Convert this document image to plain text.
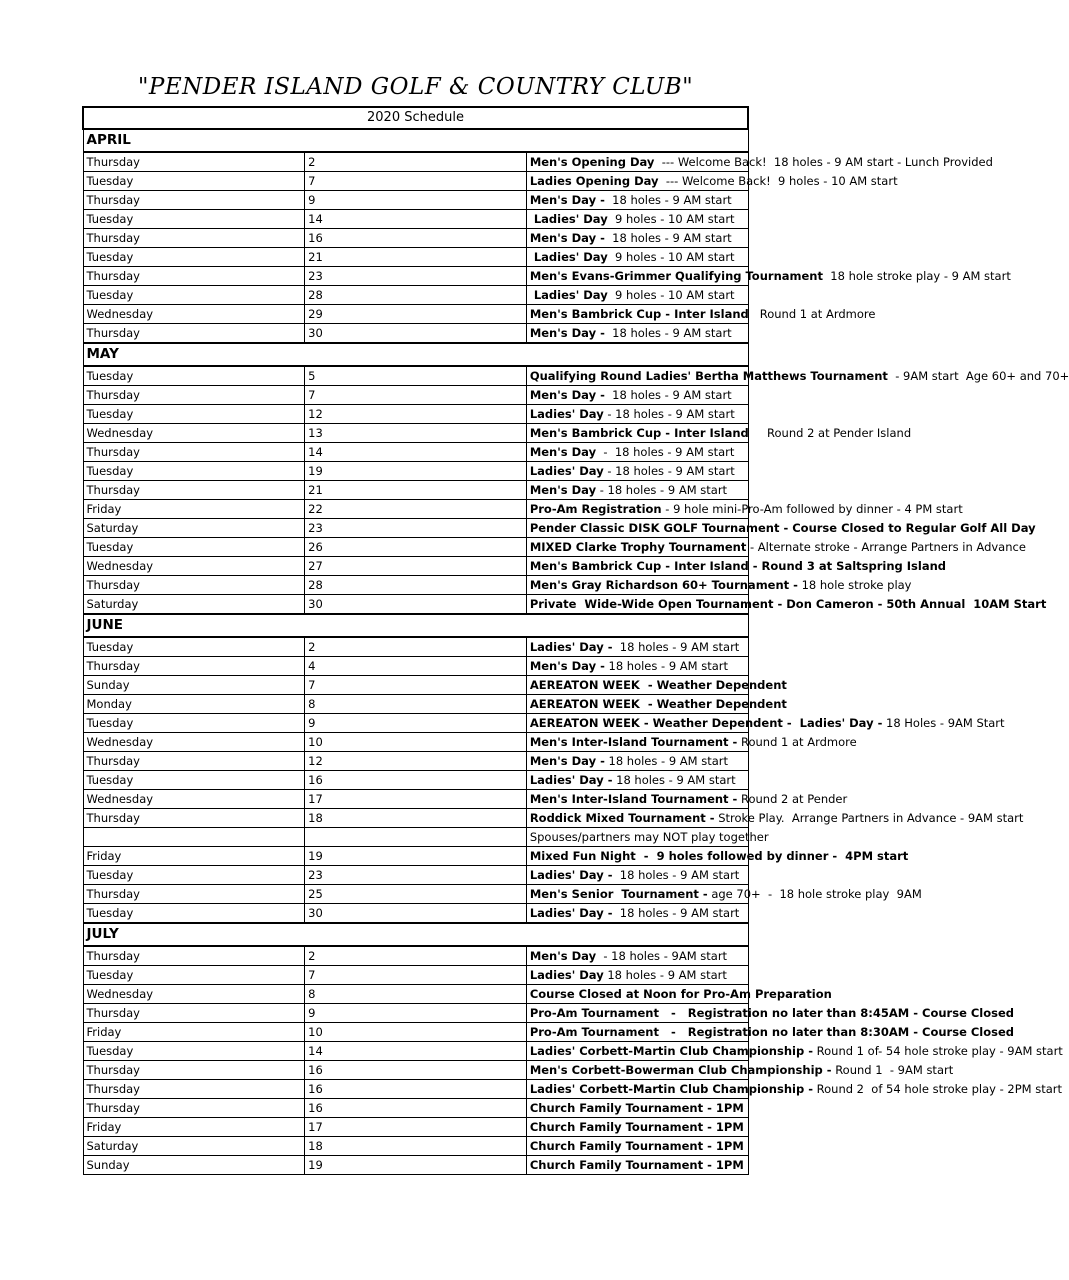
"PENDER ISLAND GOLF & COUNTRY CLUB"
2020 Schedule		
APRIL		
Thursday	2	Men's Opening Day  --- Welcome Back!  18 holes - 9 AM start - Lunch Provided
Tuesday	7	Ladies Opening Day  --- Welcome Back!  9 holes - 10 AM start
Thursday	9	Men's Day -  18 holes - 9 AM start
Tuesday	14	Ladies' Day  9 holes - 10 AM start
Thursday	16	Men's Day -  18 holes - 9 AM start
Tuesday	21	Ladies' Day  9 holes - 10 AM start
Thursday	23	Men's Evans-Grimmer Qualifying Tournament  18 hole stroke play - 9 AM start
Tuesday	28	Ladies' Day  9 holes - 10 AM start
Wednesday	29	Men's Bambrick Cup - Inter Island   Round 1 at Ardmore
Thursday	30	Men's Day -  18 holes - 9 AM start
MAY		
Tuesday	5	Qualifying Round Ladies' Bertha Matthews Tournament  - 9AM start  Age 60+ and 70+
Thursday	7	Men's Day -  18 holes - 9 AM start
Tuesday	12	Ladies' Day - 18 holes - 9 AM start
Wednesday	13	Men's Bambrick Cup - Inter Island     Round 2 at Pender Island
Thursday	14	Men's Day  -  18 holes - 9 AM start
Tuesday	19	Ladies' Day - 18 holes - 9 AM start
Thursday	21	Men's Day - 18 holes - 9 AM start
Friday	22	Pro-Am Registration - 9 hole mini-Pro-Am followed by dinner - 4 PM start
Saturday	23	Pender Classic DISK GOLF Tournament - Course Closed to Regular Golf All Day
Tuesday	26	MIXED Clarke Trophy Tournament - Alternate stroke - Arrange Partners in Advance
Wednesday	27	Men's Bambrick Cup - Inter Island - Round 3 at Saltspring Island
Thursday	28	Men's Gray Richardson 60+ Tournament - 18 hole stroke play
Saturday	30	Private  Wide-Wide Open Tournament - Don Cameron - 50th Annual  10AM Start
JUNE		
Tuesday	2	Ladies' Day -  18 holes - 9 AM start
Thursday	4	Men's Day - 18 holes - 9 AM start
Sunday	7	AEREATON WEEK  - Weather Dependent
Monday	8	AEREATON WEEK  - Weather Dependent
Tuesday	9	AEREATON WEEK - Weather Dependent -  Ladies' Day - 18 Holes - 9AM Start
Wednesday	10	Men's Inter-Island Tournament - Round 1 at Ardmore
Thursday	12	Men's Day - 18 holes - 9 AM start
Tuesday	16	Ladies' Day - 18 holes - 9 AM start
Wednesday	17	Men's Inter-Island Tournament - Round 2 at Pender
Thursday	18	Roddick Mixed Tournament - Stroke Play.  Arrange Partners in Advance - 9AM start
		Spouses/partners may NOT play together
Friday	19	Mixed Fun Night  -  9 holes followed by dinner -  4PM start
Tuesday	23	Ladies' Day -  18 holes - 9 AM start
Thursday	25	Men's Senior  Tournament - age 70+  -  18 hole stroke play  9AM
Tuesday	30	Ladies' Day -  18 holes - 9 AM start
JULY		
Thursday	2	Men's Day  - 18 holes - 9AM start
Tuesday	7	Ladies' Day 18 holes - 9 AM start
Wednesday	8	Course Closed at Noon for Pro-Am Preparation
Thursday	9	Pro-Am Tournament   -   Registration no later than 8:45AM - Course Closed
Friday	10	Pro-Am Tournament   -   Registration no later than 8:30AM - Course Closed
Tuesday	14	Ladies' Corbett-Martin Club Championship - Round 1 of- 54 hole stroke play - 9AM start
Thursday	16	Men's Corbett-Bowerman Club Championship - Round 1  - 9AM start
Thursday	16	Ladies' Corbett-Martin Club Championship - Round 2  of 54 hole stroke play - 2PM start
Thursday	16	Church Family Tournament - 1PM
Friday	17	Church Family Tournament - 1PM
Saturday	18	Church Family Tournament - 1PM
Sunday	19	Church Family Tournament - 1PM
